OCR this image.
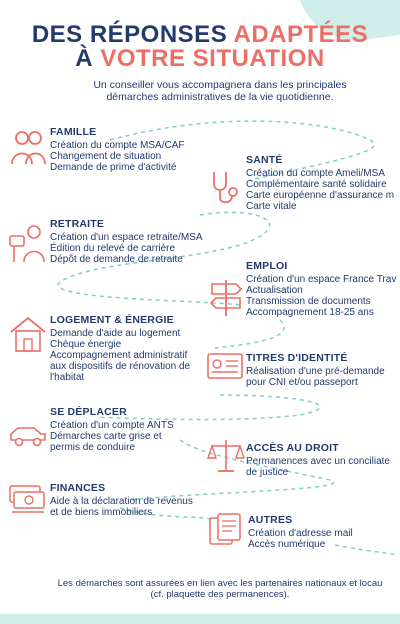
DES RÉPONSES ADAPTÉES
À VOTRE SITUATION
Un conseiller vous accompagnera dans les principales
démarches administratives de la vie quotidienne.
FAMILLE
Création du compte MSA/CAF
Changement de situation
Demande de prime d'activité
SANTÉ
Création du compte Ameli/MSA
Complémentaire santé solidaire
Carte européenne d'assurance m
Carte vitale
RETRAITE
Création d'un espace retraite/MSA
Édition du relevé de carrière
Dépôt de demande de retraite
EMPLOI
Création d'un espace France Trav
Actualisation
Transmission de documents
Accompagnement 18-25 ans
LOGEMENT & ÉNERGIE
Demande d'aide au logement
Chèque énergie
Accompagnement administratif
aux dispositifs de rénovation de
l'habitat
TITRES D'IDENTITÉ
Réalisation d'une pré-demande
pour CNI et/ou passeport
SE DÉPLACER
Création d'un compte ANTS
Démarches carte grise et
permis de conduire	ACCÈS AU DROIT
Permanences avec un conciliate
de justice
FINANCES
Aide à la déclaration de revenus
et de biens immobiliers
AUTRES
Création d'adresse mail
Accès numérique
Les démarches sont assurées en lien avec les partenaires nationaux et locau
(cf. plaquette des permanences).
